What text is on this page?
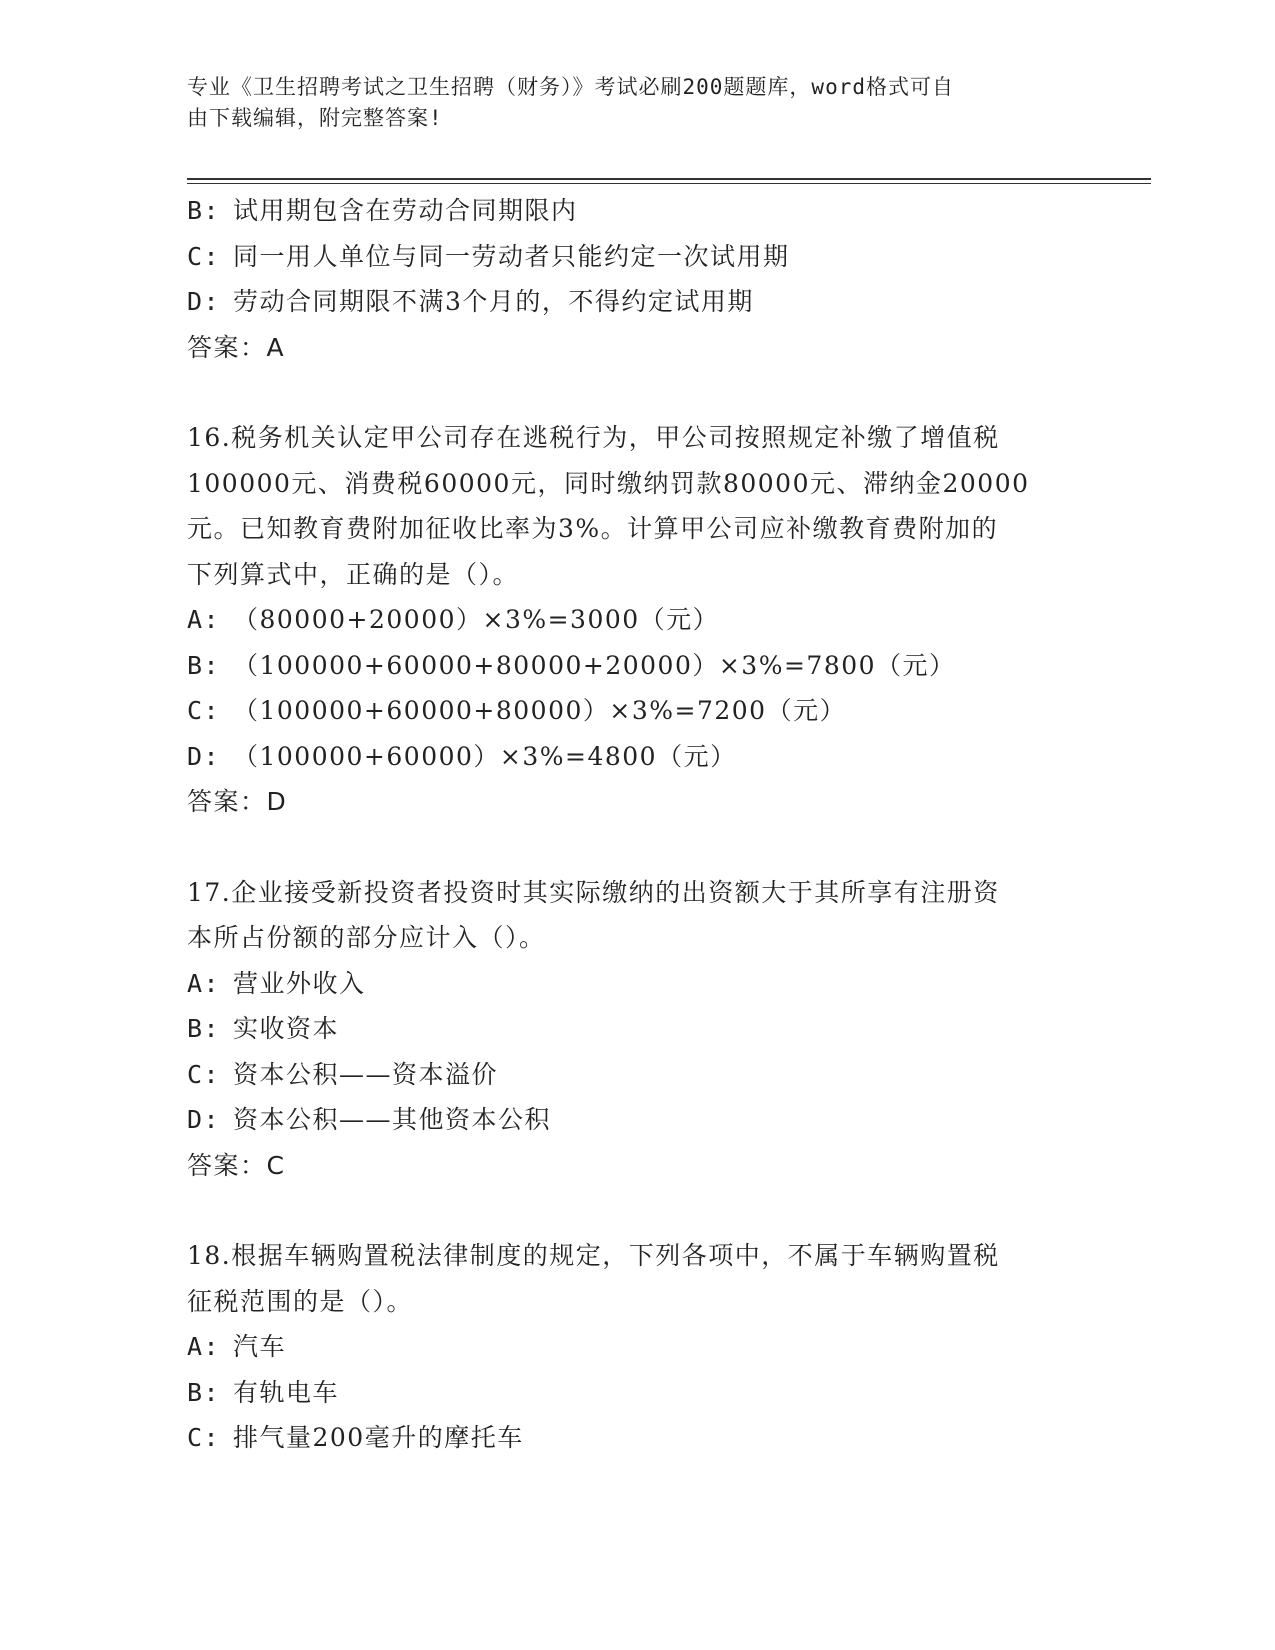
专业《卫生招聘考试之卫生招聘（财务）》考试必刷200题题库，word格式可自
由下载编辑，附完整答案!

B: 试用期包含在劳动合同期限内

C: 同一用人单位与同一劳动者只能约定一次试用期

D: 劳动合同期限不满3个月的，不得约定试用期

答案：A

16.税务机关认定甲公司存在逃税行为，甲公司按照规定补缴了增值税

100000元、消费税60000元，同时缴纳罚款80000元、滞纳金20000

元。已知教育费附加征收比率为3%。计算甲公司应补缴教育费附加的

下列算式中，正确的是（）。

A: （80000+20000）×3%=3000（元）

B: （100000+60000+80000+20000）×3%=7800（元）

C: （100000+60000+80000）×3%=7200（元）

D: （100000+60000）×3%=4800（元）

答案：D

17.企业接受新投资者投资时其实际缴纳的出资额大于其所享有注册资

本所占份额的部分应计入（）。

A: 营业外收入

B: 实收资本

C: 资本公积——资本溢价

D: 资本公积——其他资本公积

答案：C

18.根据车辆购置税法律制度的规定，下列各项中，不属于车辆购置税

征税范围的是（）。

A: 汽车

B: 有轨电车

C: 排气量200毫升的摩托车
